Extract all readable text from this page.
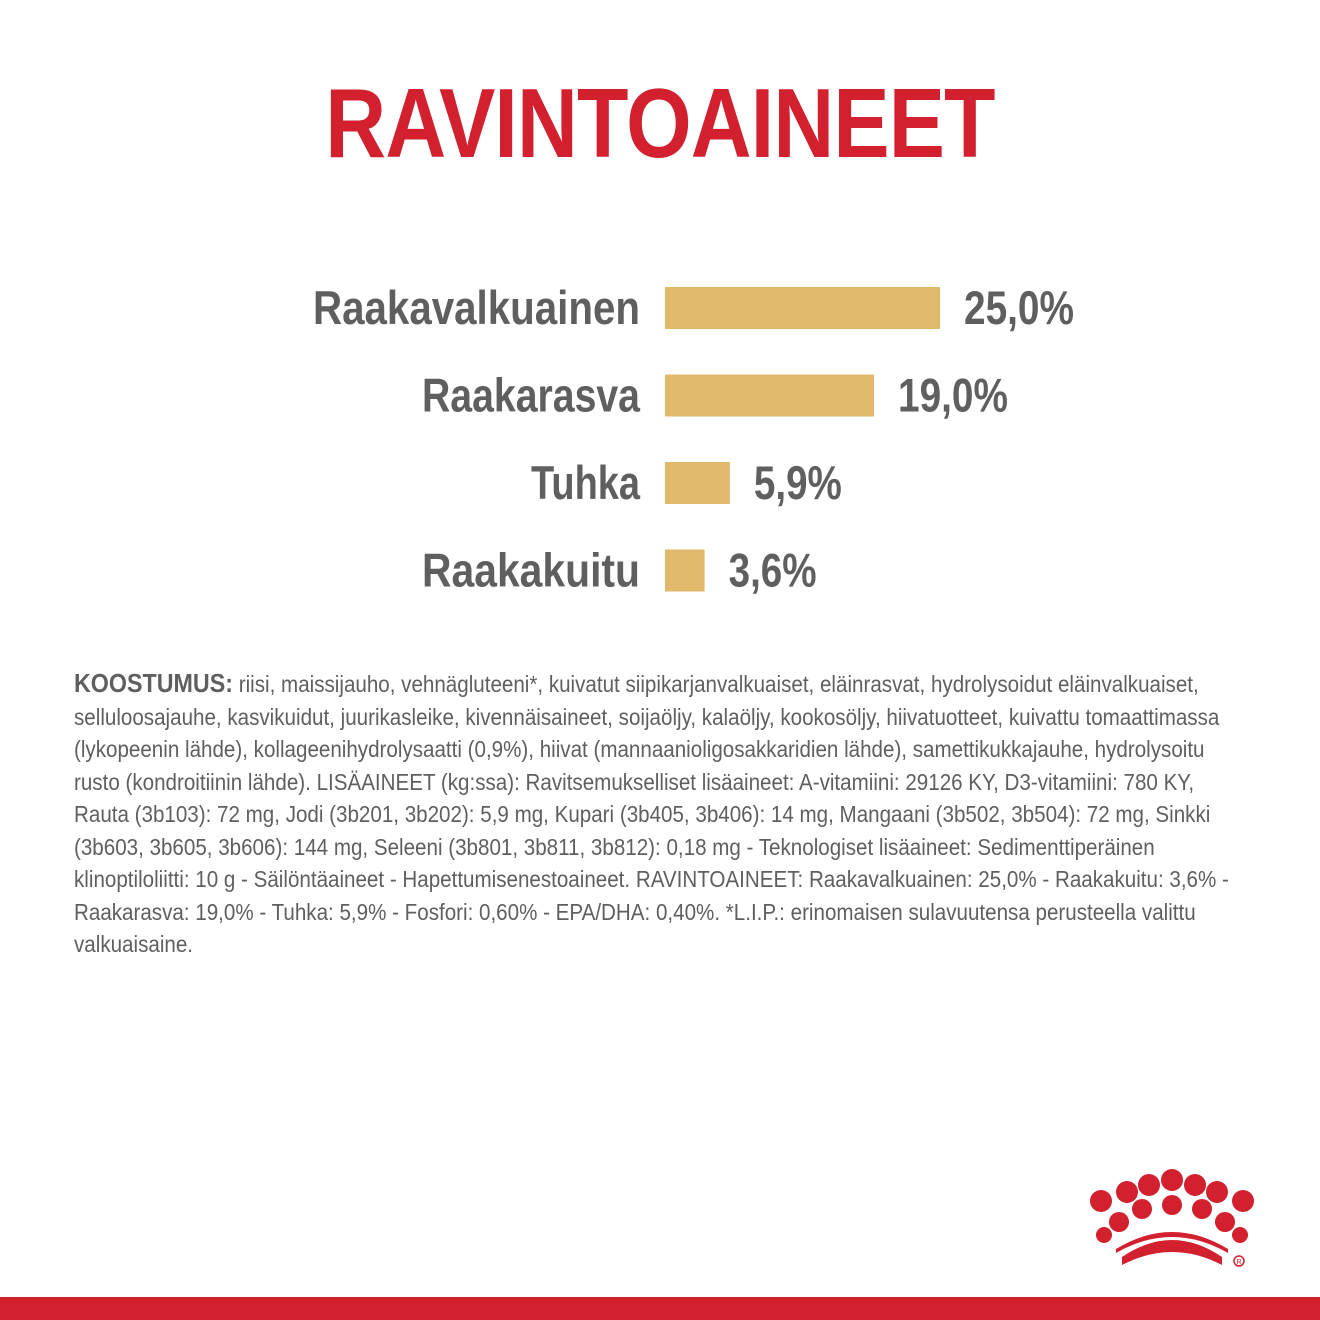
RAVINTOAINEET
Raakavalkuainen	25,0%
Raakarasva	19,0%
Tuhka 5,9%
Raakakuitu 3,6%
KOOSTUMUS: riisi, maissijauho, vehnägluteeni*, kuivatut siipikarjanvalkuaiset, eläinrasvat, hydrolysoidut eläinvalkuaiset, selluloosajauhe, kasvikuidut, juurikasleike, kivennäisaineet, soijaöljy, kalaöljy, kookosöljy, hiivatuotteet, kuivattu tomaattimassa (lykopeenin lähde), kollageenihydrolysaatti (0,9%), hiivat (mannaanioligosakkaridien lähde), samettikukkajauhe, hydrolysoitu rusto (kondroitiinin lähde). LISÄAINEET (kg:ssa): Ravitsemukselliset lisäaineet: A-vitamiini: 29126 KY, D3-vitamiini: 780 KY, Rauta (3b103): 72 mg, Jodi (3b201, 3b202): 5,9 mg, Kupari (3b405, 3b406): 14 mg, Mangaani (3b502, 3b504): 72 mg, Sinkki (3b603, 3b605, 3b606): 144 mg, Seleeni (3b801, 3b811, 3b812): 0,18 mg - Teknologiset lisäaineet: Sedimenttiperäinen klinoptiloliitti: 10 g - Säilöntäaineet - Hapettumisenestoaineet. RAVINTOAINEET: Raakavalkuainen: 25,0% - Raakakuitu: 3,6% - Raakarasva: 19,0% - Tuhka: 5,9% - Fosfori: 0,60% - EPA/DHA: 0,40%. *L.I.P.: erinomaisen sulavuutensa perusteella valittu valkuaisaine.
R
